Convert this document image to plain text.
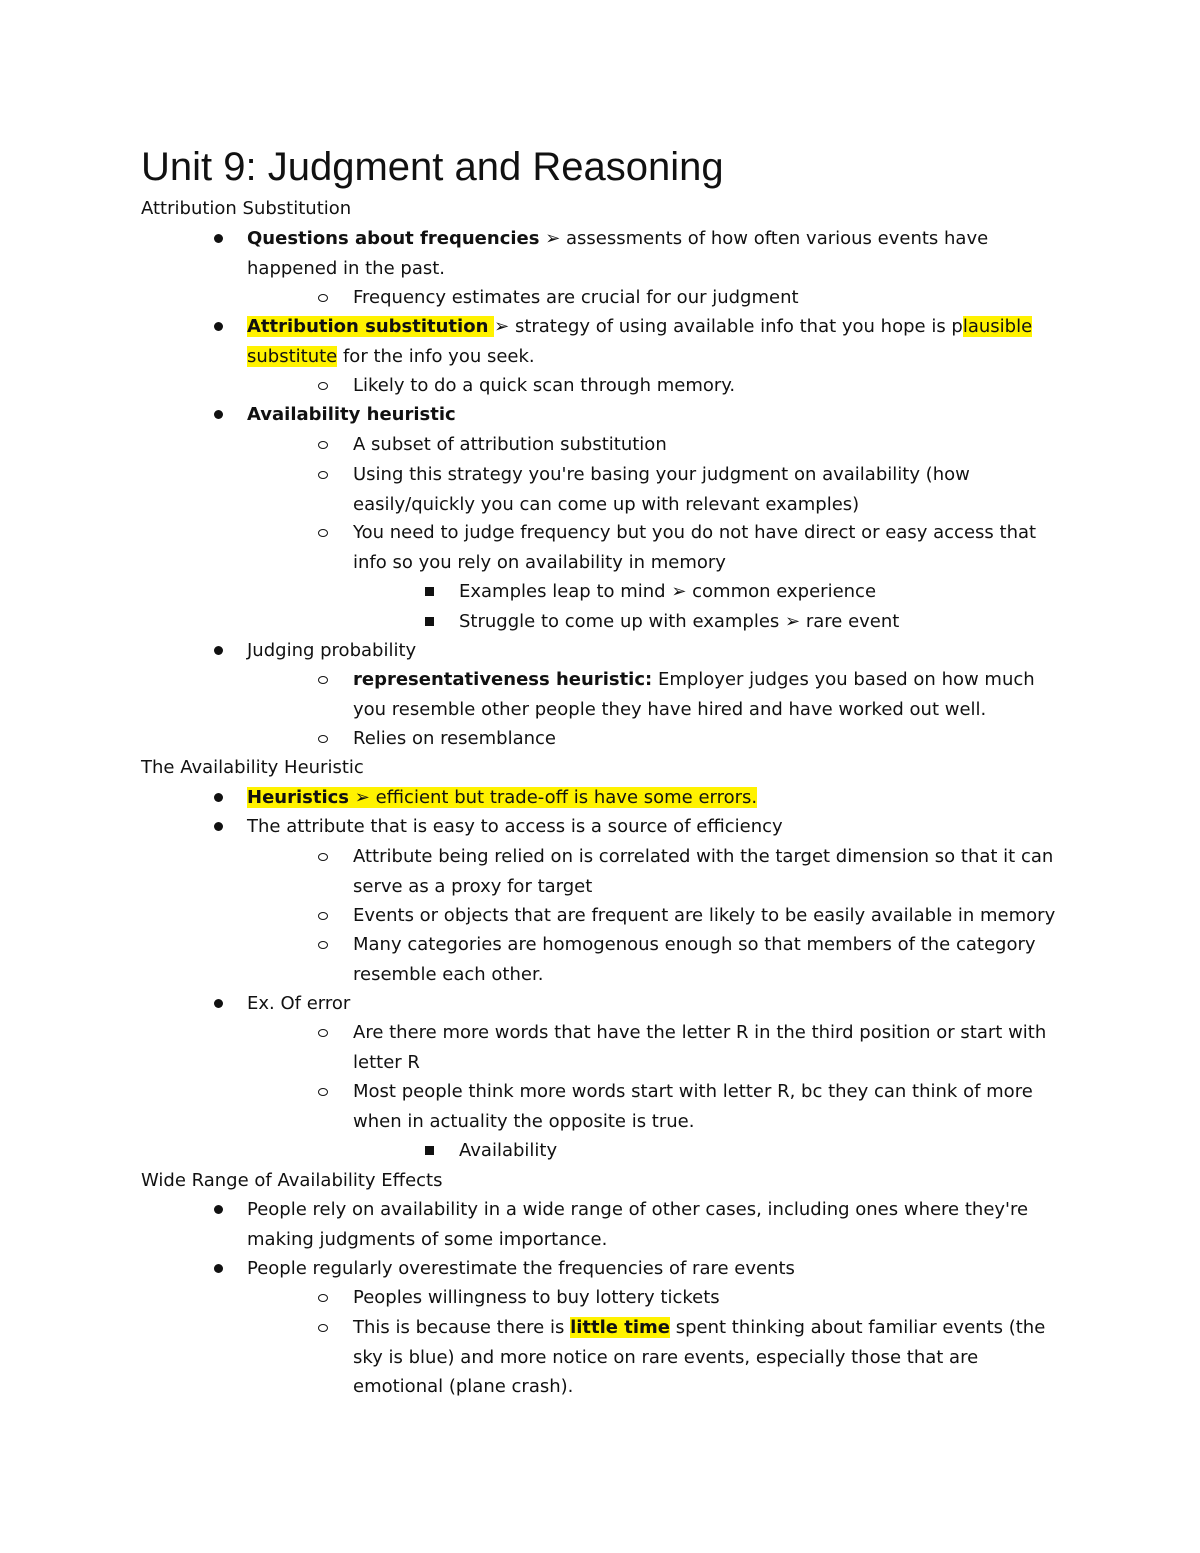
Unit 9: Judgment and Reasoning
Attribution Substitution
Questions about frequencies ➢ assessments of how often various events have happened in the past.
Frequency estimates are crucial for our judgment
Attribution substitution ➢ strategy of using available info that you hope is plausible substitute for the info you seek.
Likely to do a quick scan through memory.
Availability heuristic
A subset of attribution substitution
Using this strategy you're basing your judgment on availability (how easily/quickly you can come up with relevant examples)
You need to judge frequency but you do not have direct or easy access that info so you rely on availability in memory
Examples leap to mind ➢ common experience
Struggle to come up with examples ➢ rare event
Judging probability
representativeness heuristic: Employer judges you based on how much you resemble other people they have hired and have worked out well.
Relies on resemblance
The Availability Heuristic
Heuristics ➢ efficient but trade-off is have some errors.
The attribute that is easy to access is a source of efficiency
Attribute being relied on is correlated with the target dimension so that it can serve as a proxy for target
Events or objects that are frequent are likely to be easily available in memory
Many categories are homogenous enough so that members of the category resemble each other.
Ex. Of error
Are there more words that have the letter R in the third position or start with letter R
Most people think more words start with letter R, bc they can think of more when in actuality the opposite is true.
Availability
Wide Range of Availability Effects
People rely on availability in a wide range of other cases, including ones where they're making judgments of some importance.
People regularly overestimate the frequencies of rare events
Peoples willingness to buy lottery tickets
This is because there is little time spent thinking about familiar events (the sky is blue) and more notice on rare events, especially those that are emotional (plane crash).
